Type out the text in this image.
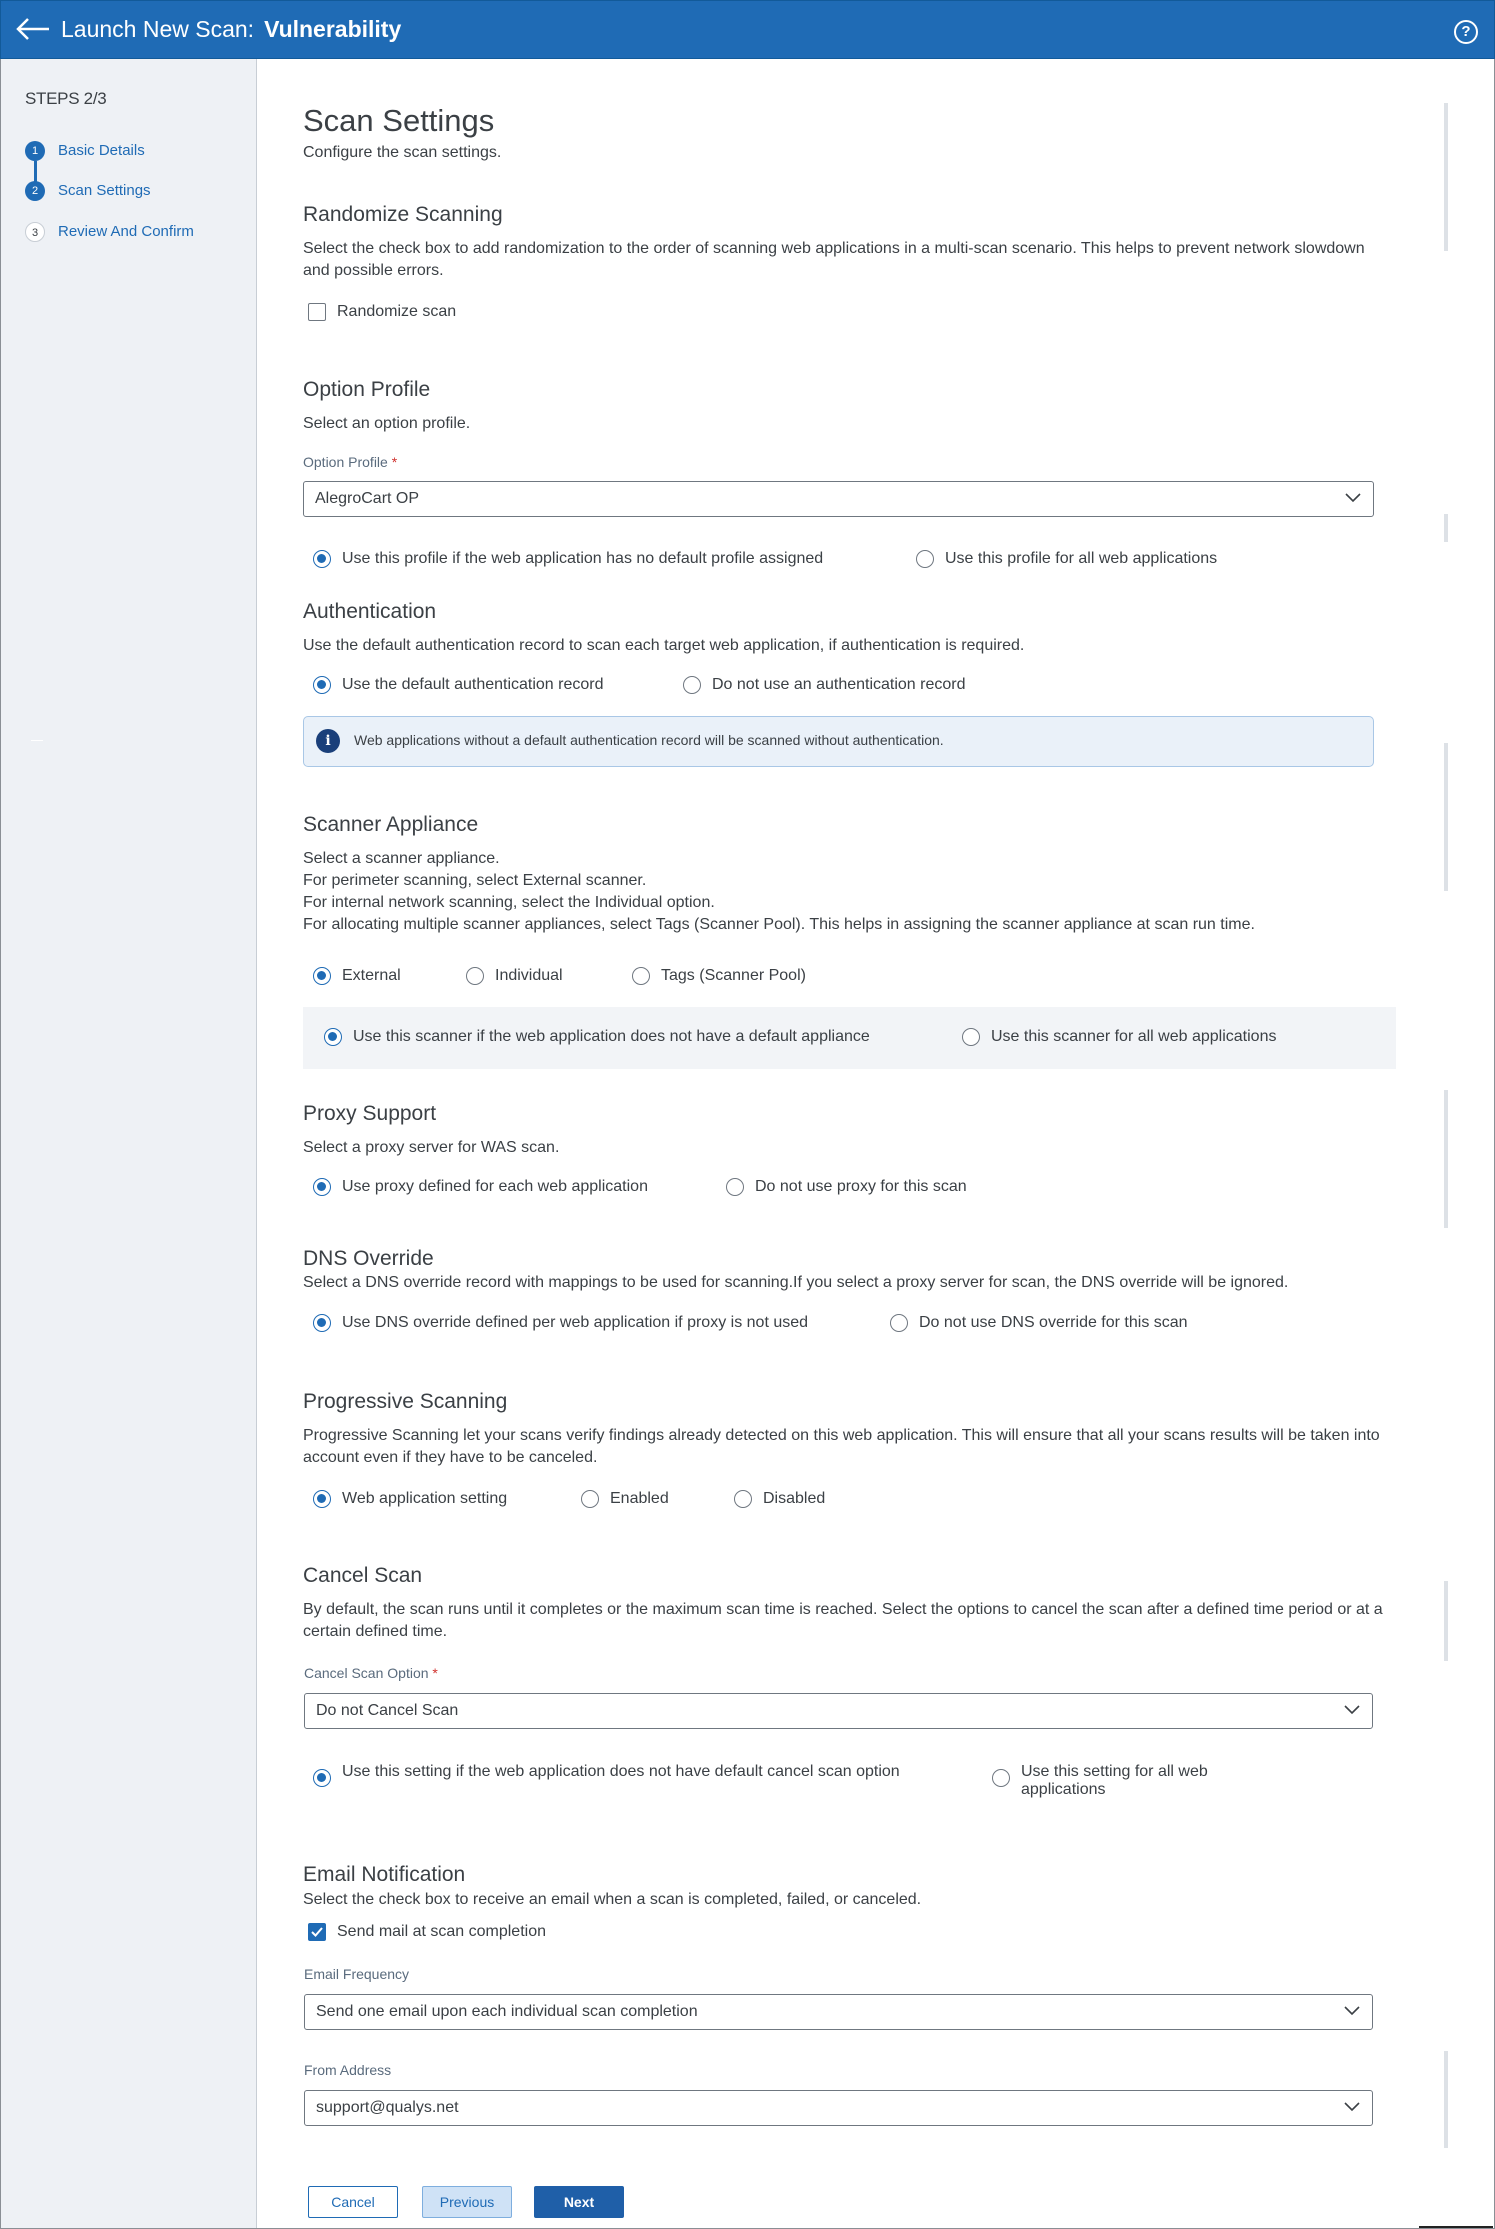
Launch New Scan: Vulnerability	?
STEPS 2/3
1	Basic Details
2	Scan Settings
3	Review And Confirm
Scan Settings
Configure the scan settings.
Randomize Scanning
Select the check box to add randomization to the order of scanning web applications in a multi-scan scenario. This helps to prevent network slowdown and possible errors.
Randomize scan
Option Profile
Select an option profile.
Option Profile *
AlegroCart OP
Use this profile if the web application has no default profile assigned	Use this profile for all web applications
Authentication
Use the default authentication record to scan each target web application, if authentication is required.
Use the default authentication record	Do not use an authentication record
i	Web applications without a default authentication record will be scanned without authentication.
Scanner Appliance
Select a scanner appliance.
For perimeter scanning, select External scanner.
For internal network scanning, select the Individual option.
For allocating multiple scanner appliances, select Tags (Scanner Pool). This helps in assigning the scanner appliance at scan run time.
External	Individual	Tags (Scanner Pool)
Use this scanner if the web application does not have a default appliance	Use this scanner for all web applications
Proxy Support
Select a proxy server for WAS scan.
Use proxy defined for each web application	Do not use proxy for this scan
DNS Override
Select a DNS override record with mappings to be used for scanning.If you select a proxy server for scan, the DNS override will be ignored.
Use DNS override defined per web application if proxy is not used	Do not use DNS override for this scan
Progressive Scanning
Progressive Scanning let your scans verify findings already detected on this web application. This will ensure that all your scans results will be taken into account even if they have to be canceled.
Web application setting	Enabled	Disabled
Cancel Scan
By default, the scan runs until it completes or the maximum scan time is reached. Select the options to cancel the scan after a defined time period or at a certain defined time.
Cancel Scan Option *
Do not Cancel Scan
Use this setting if the web application does not have default cancel scan option	Use this setting for all web applications
Email Notification
Select the check box to receive an email when a scan is completed, failed, or canceled.
Send mail at scan completion
Email Frequency
Send one email upon each individual scan completion
From Address
support@qualys.net
Cancel	Previous	Next
